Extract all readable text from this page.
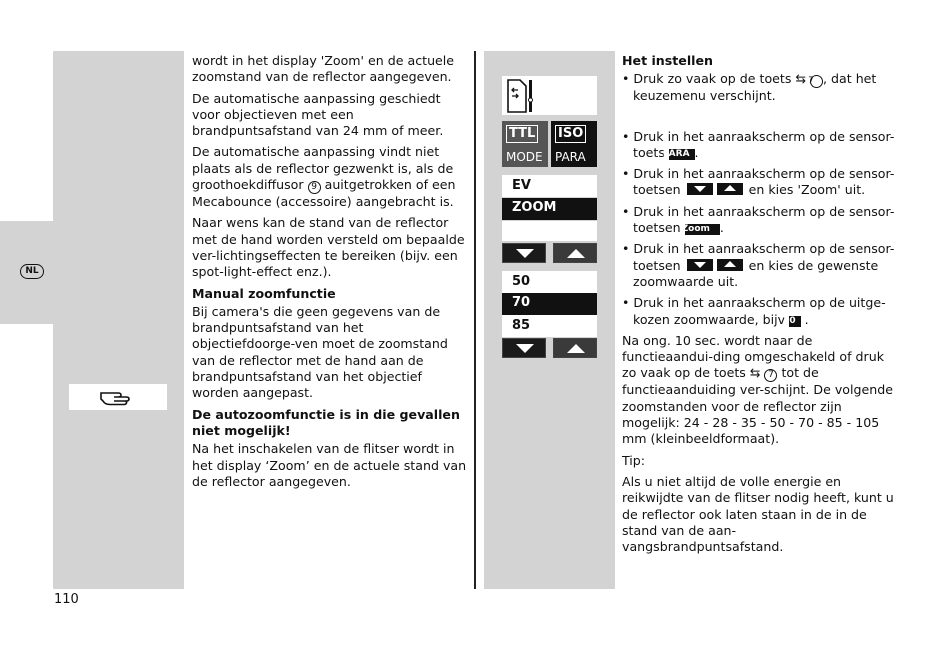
NL

wordt in het display 'Zoom' en de actuele zoomstand van de reflector aangegeven.

De automatische aanpassing geschiedt voor objectieven met een brandpuntsafstand van 24 mm of meer.

De automatische aanpassing vindt niet plaats als de reflector gezwenkt is, als de groothoekdiffusor 9 auitgetrokken of een Mecabounce (accessoire) aangebracht is.

Naar wens kan de stand van de reflector met de hand worden versteld om bepaalde ver-lichtingseffecten te bereiken (bijv. een spot-light-effect enz.).

Manual zoomfunctie

Bij camera's die geen gegevens van de brandpuntsafstand van het objectiefdoorge-ven moet de zoomstand van de reflector met de hand aan de brandpuntsafstand van het objectief worden aangepast.

De autozoomfunctie is in die gevallen niet mogelijk!

Na het inschakelen van de flitser wordt in het display ‘Zoom’ en de actuele stand van de reflector aangegeven.

TTL
MODE
ISO
PARA
EV
ZOOM
50
70
85

Het instellen

• Druk zo vaak op de toets ⇆ 7 , dat het keuzemenu verschijnt.

• Druk in het aanraakscherm op de sensor-toets PARA .

• Druk in het aanraakscherm op de sensor-toetsen	en kies 'Zoom' uit.

• Druk in het aanraakscherm op de sensor-toetsen Zoom .

• Druk in het aanraakscherm op de sensor-toetsen	en kies de gewenste zoomwaarde uit.

• Druk in het aanraakscherm op de uitge-kozen zoomwaarde, bijv 70 .

Na ong. 10 sec. wordt naar de functieaandui-ding omgeschakeld of druk zo vaak op de toets ⇆ 7 tot de functieaanduiding ver-schijnt. De volgende zoomstanden voor de reflector zijn mogelijk: 24 - 28 - 35 - 50 - 70 - 85 - 105 mm (kleinbeeldformaat).

Tip:

Als u niet altijd de volle energie en reikwijdte van de flitser nodig heeft, kunt u de reflector ook laten staan in de in de stand van de aan-vangsbrandpuntsafstand.

110
